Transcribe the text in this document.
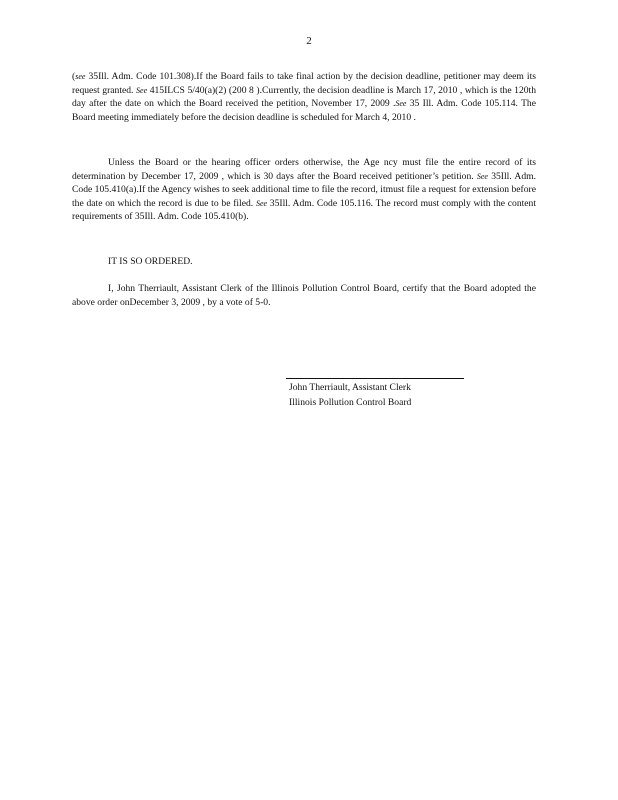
2

(see 35Ill. Adm. Code 101.308).If the Board fails to take final action by the decision deadline, petitioner may deem its request granted. See 415ILCS 5/40(a)(2) (200 8 ).Currently, the decision deadline is March 17, 2010 , which is the 120th day after the date on which the Board received the petition, November 17, 2009 .See 35 Ill. Adm. Code 105.114. The Board meeting immediately before the decision deadline is scheduled for March 4, 2010 .

Unless the Board or the hearing officer orders otherwise, the Age ncy must file the entire record of its determination by December 17, 2009 , which is 30 days after the Board received petitioner’s petition. See 35Ill. Adm. Code 105.410(a).If the Agency wishes to seek additional time to file the record, itmust file a request for extension before the date on which the record is due to be filed. See 35Ill. Adm. Code 105.116. The record must comply with the content requirements of 35Ill. Adm. Code 105.410(b).

IT IS SO ORDERED.

I, John Therriault, Assistant Clerk of the Illinois Pollution Control Board, certify that the Board adopted the above order onDecember 3, 2009 , by a vote of 5-0.

John Therriault, Assistant Clerk
Illinois Pollution Control Board
